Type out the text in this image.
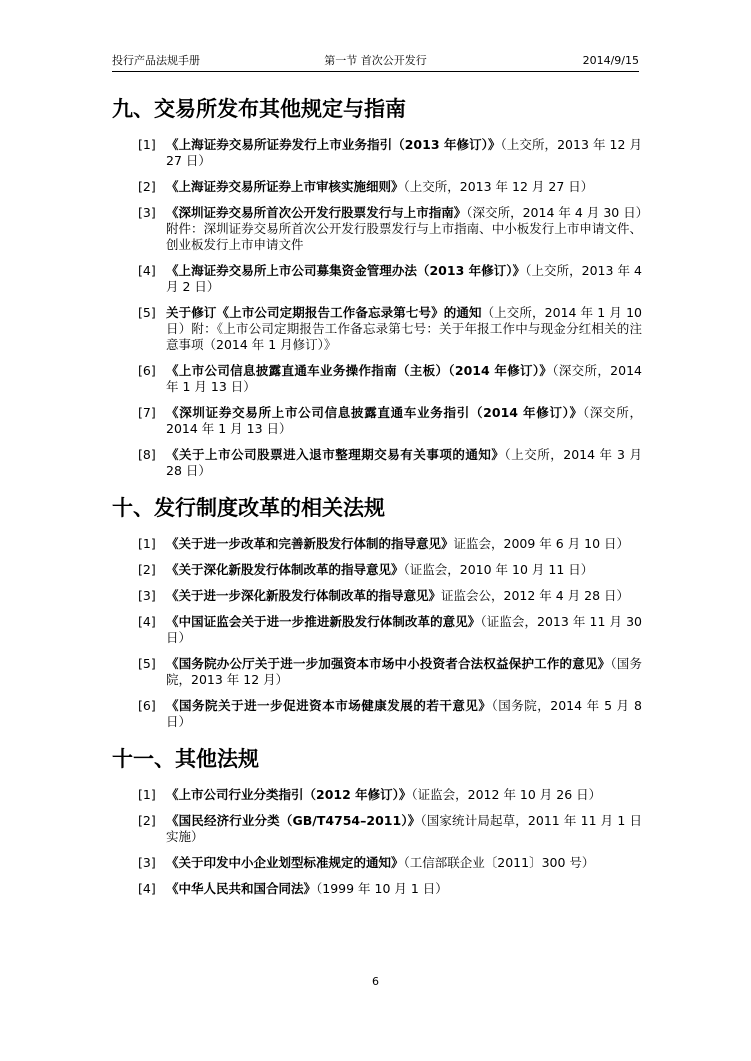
投行产品法规手册	第一节 首次公开发行	2014/9/15
九、交易所发布其他规定与指南
[1] 《上海证券交易所证券发行上市业务指引（2013 年修订）》（上交所，2013 年 12 月 27 日）
[2] 《上海证券交易所证券上市审核实施细则》（上交所，2013 年 12 月 27 日）
[3] 《深圳证券交易所首次公开发行股票发行与上市指南》（深交所，2014 年 4 月 30 日）附件：深圳证券交易所首次公开发行股票发行与上市指南、中小板发行上市申请文件、创业板发行上市申请文件
[4] 《上海证券交易所上市公司募集资金管理办法（2013 年修订）》（上交所，2013 年 4 月 2 日）
[5] 关于修订《上市公司定期报告工作备忘录第七号》的通知（上交所，2014 年 1 月 10 日）附：《上市公司定期报告工作备忘录第七号：关于年报工作中与现金分红相关的注意事项（2014 年 1 月修订）》
[6] 《上市公司信息披露直通车业务操作指南（主板）（2014 年修订）》（深交所，2014 年 1 月 13 日）
[7] 《深圳证券交易所上市公司信息披露直通车业务指引（2014 年修订）》（深交所，2014 年 1 月 13 日）
[8] 《关于上市公司股票进入退市整理期交易有关事项的通知》（上交所，2014 年 3 月 28 日）
十、发行制度改革的相关法规
[1] 《关于进一步改革和完善新股发行体制的指导意见》证监会，2009 年 6 月 10 日）
[2] 《关于深化新股发行体制改革的指导意见》（证监会，2010 年 10 月 11 日）
[3] 《关于进一步深化新股发行体制改革的指导意见》证监会公，2012 年 4 月 28 日）
[4] 《中国证监会关于进一步推进新股发行体制改革的意见》（证监会，2013 年 11 月 30 日）
[5] 《国务院办公厅关于进一步加强资本市场中小投资者合法权益保护工作的意见》（国务院，2013 年 12 月）
[6] 《国务院关于进一步促进资本市场健康发展的若干意见》（国务院，2014 年 5 月 8 日）
十一、其他法规
[1] 《上市公司行业分类指引（2012 年修订）》（证监会，2012 年 10 月 26 日）
[2] 《国民经济行业分类（GB/T4754–2011）》（国家统计局起草，2011 年 11 月 1 日实施）
[3] 《关于印发中小企业划型标准规定的通知》（工信部联企业〔2011〕300 号）
[4] 《中华人民共和国合同法》（1999 年 10 月 1 日）
6
